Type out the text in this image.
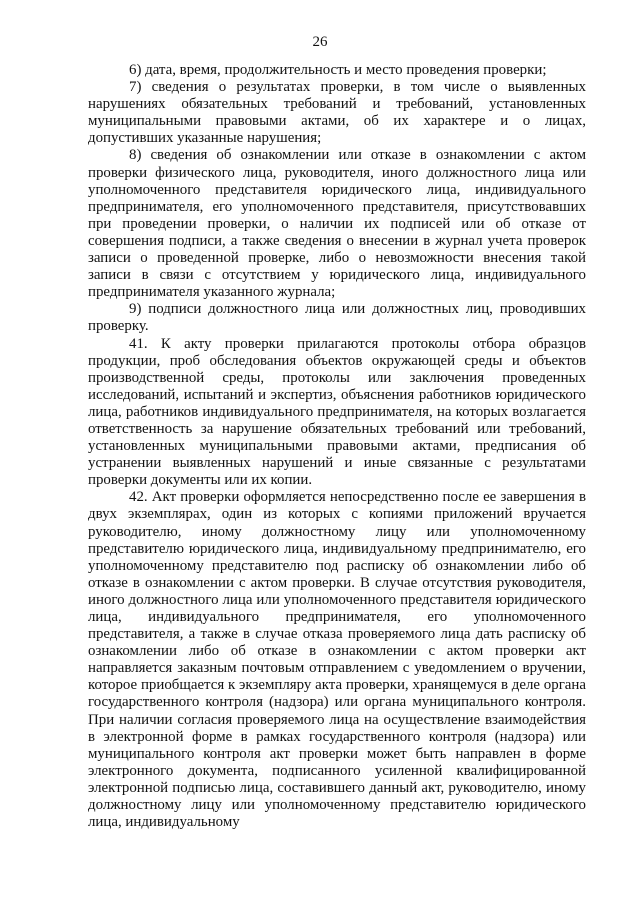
26

6) дата, время, продолжительность и место проведения проверки;

7) сведения о результатах проверки, в том числе о выявленных нарушениях обязательных требований и требований, установленных муниципальными правовыми актами, об их характере и о лицах, допустивших указанные нарушения;

8) сведения об ознакомлении или отказе в ознакомлении с актом проверки физического лица, руководителя, иного должностного лица или уполномоченного представителя юридического лица, индивидуального предпринимателя, его уполномоченного представителя, присутствовавших при проведении проверки, о наличии их подписей или об отказе от совершения подписи, а также сведения о внесении в журнал учета проверок записи о проведенной проверке, либо о невозможности внесения такой записи в связи с отсутствием у юридического лица, индивидуального предпринимателя указанного журнала;

9) подписи должностного лица или должностных лиц, проводивших проверку.

41. К акту проверки прилагаются протоколы отбора образцов продукции, проб обследования объектов окружающей среды и объектов производственной среды, протоколы или заключения проведенных исследований, испытаний и экспертиз, объяснения работников юридического лица, работников индивидуального предпринимателя, на которых возлагается ответственность за нарушение обязательных требований или требований, установленных муниципальными правовыми актами, предписания об устранении выявленных нарушений и иные связанные с результатами проверки документы или их копии.

42. Акт проверки оформляется непосредственно после ее завершения в двух экземплярах, один из которых с копиями приложений вручается руководителю, иному должностному лицу или уполномоченному представителю юридического лица, индивидуальному предпринимателю, его уполномоченному представителю под расписку об ознакомлении либо об отказе в ознакомлении с актом проверки. В случае отсутствия руководителя, иного должностного лица или уполномоченного представителя юридического лица, индивидуального предпринимателя, его уполномоченного представителя, а также в случае отказа проверяемого лица дать расписку об ознакомлении либо об отказе в ознакомлении с актом проверки акт направляется заказным почтовым отправлением с уведомлением о вручении, которое приобщается к экземпляру акта проверки, хранящемуся в деле органа государственного контроля (надзора) или органа муниципального контроля. При наличии согласия проверяемого лица на осуществление взаимодействия в электронной форме в рамках государственного контроля (надзора) или муниципального контроля акт проверки может быть направлен в форме электронного документа, подписанного усиленной квалифицированной электронной подписью лица, составившего данный акт, руководителю, иному должностному лицу или уполномоченному представителю юридического лица, индивидуальному
